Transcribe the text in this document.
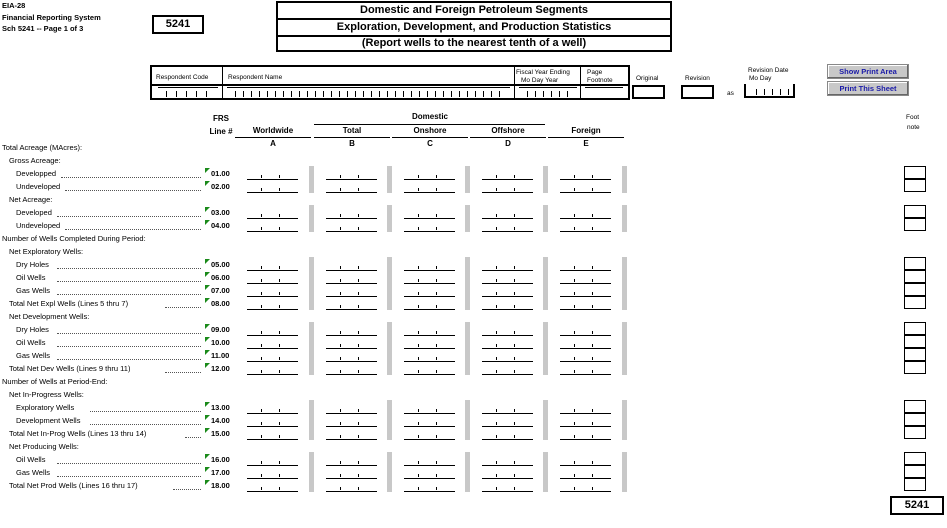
EIA-28
Financial Reporting System
Sch 5241 -- Page 1 of 3	5241
Domestic and Foreign Petroleum Segments
Exploration, Development, and Production Statistics
(Report wells to the nearest tenth of a well)
Respondent Code	Respondent Name
Fiscal Year Ending
Mo Day Year
Page
Footnote	Original	Revision
as
Revision Date
Mo Day
Show Print Area
Print This Sheet
FRS
Line #
Domestic	Foot
note
Worldwide
A
Total
B
Onshore
C
Offshore
D
Foreign
E
Total Acreage (MAcres):
Gross Acreage:
Developped	01.00
Undeveloped	02.00
Net Acreage:
Developed	03.00
Undeveloped	04.00
Number of Wells Completed During Period:
Net Exploratory Wells:
Dry Holes	05.00
Oil Wells	06.00
Gas Wells	07.00
Total Net Expl Wells (Lines 5 thru 7)	08.00
Net Development Wells:
Dry Holes	09.00
Oil Wells	10.00
Gas Wells	11.00
Total Net Dev Wells (Lines 9 thru 11)	12.00
Number of Wells at Period-End:
Net In-Progress Wells:
Exploratory Wells	13.00
Development Wells	14.00
Total Net In-Prog Wells (Lines 13 thru 14)	15.00
Net Producing Wells:
Oil Wells	16.00
Gas Wells	17.00
Total Net Prod Wells (Lines 16 thru 17)	18.00
5241
